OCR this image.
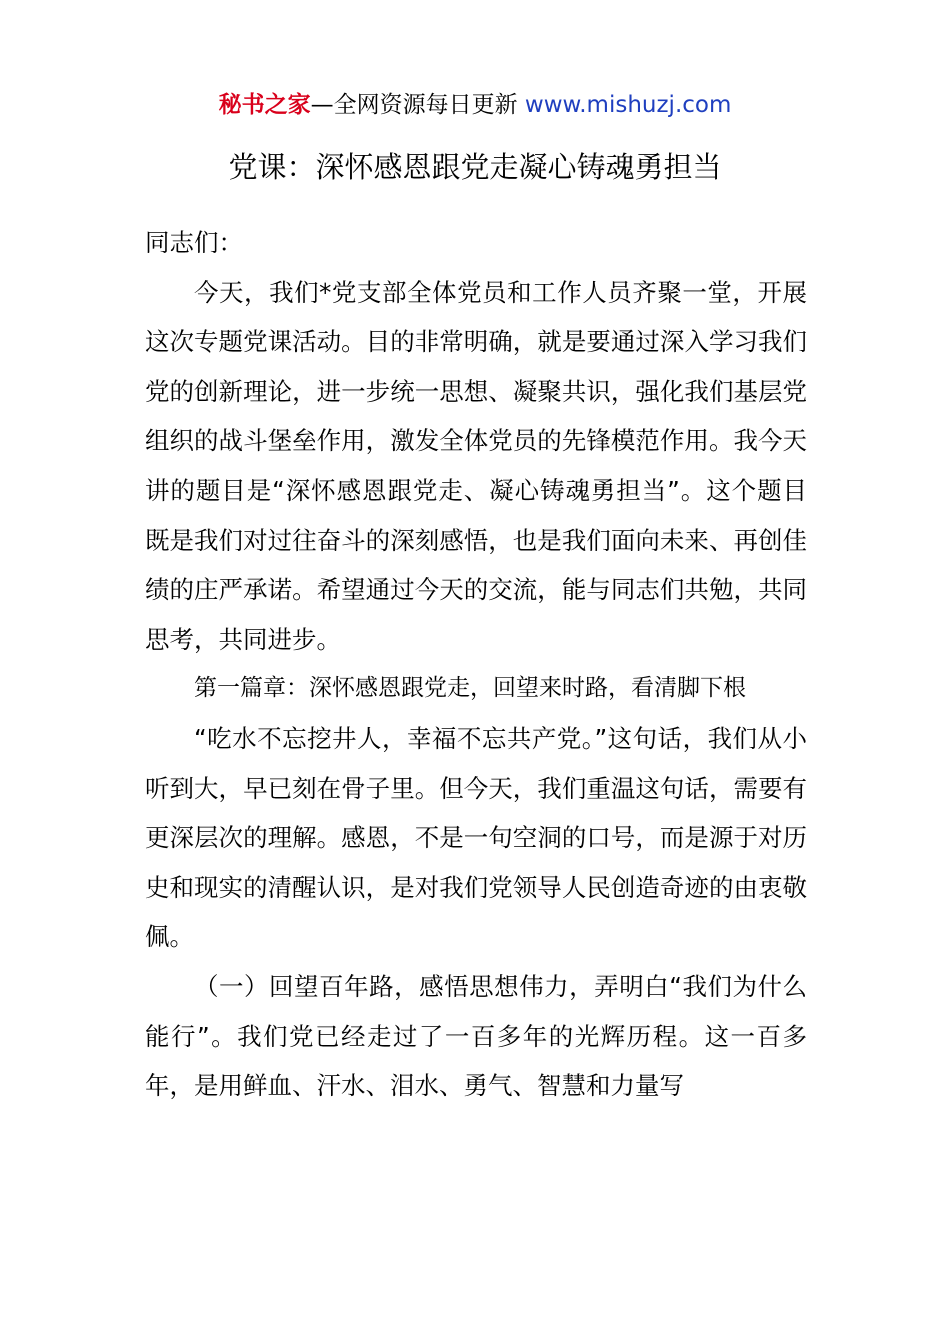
秘书之家—全网资源每日更新 www.mishuzj.com
党课：深怀感恩跟党走凝心铸魂勇担当

同志们：

今天，我们*党支部全体党员和工作人员齐聚一堂，开展这次专题党课活动。目的非常明确，就是要通过深入学习我们党的创新理论，进一步统一思想、凝聚共识，强化我们基层党组织的战斗堡垒作用，激发全体党员的先锋模范作用。我今天讲的题目是“深怀感恩跟党走、凝心铸魂勇担当”。这个题目既是我们对过往奋斗的深刻感悟，也是我们面向未来、再创佳绩的庄严承诺。希望通过今天的交流，能与同志们共勉，共同思考，共同进步。

第一篇章：深怀感恩跟党走，回望来时路，看清脚下根

“吃水不忘挖井人，幸福不忘共产党。”这句话，我们从小听到大，早已刻在骨子里。但今天，我们重温这句话，需要有更深层次的理解。感恩，不是一句空洞的口号，而是源于对历史和现实的清醒认识，是对我们党领导人民创造奇迹的由衷敬佩。

（一）回望百年路，感悟思想伟力，弄明白“我们为什么能行”。我们党已经走过了一百多年的光辉历程。这一百多年，是用鲜血、汗水、泪水、勇气、智慧和力量写
